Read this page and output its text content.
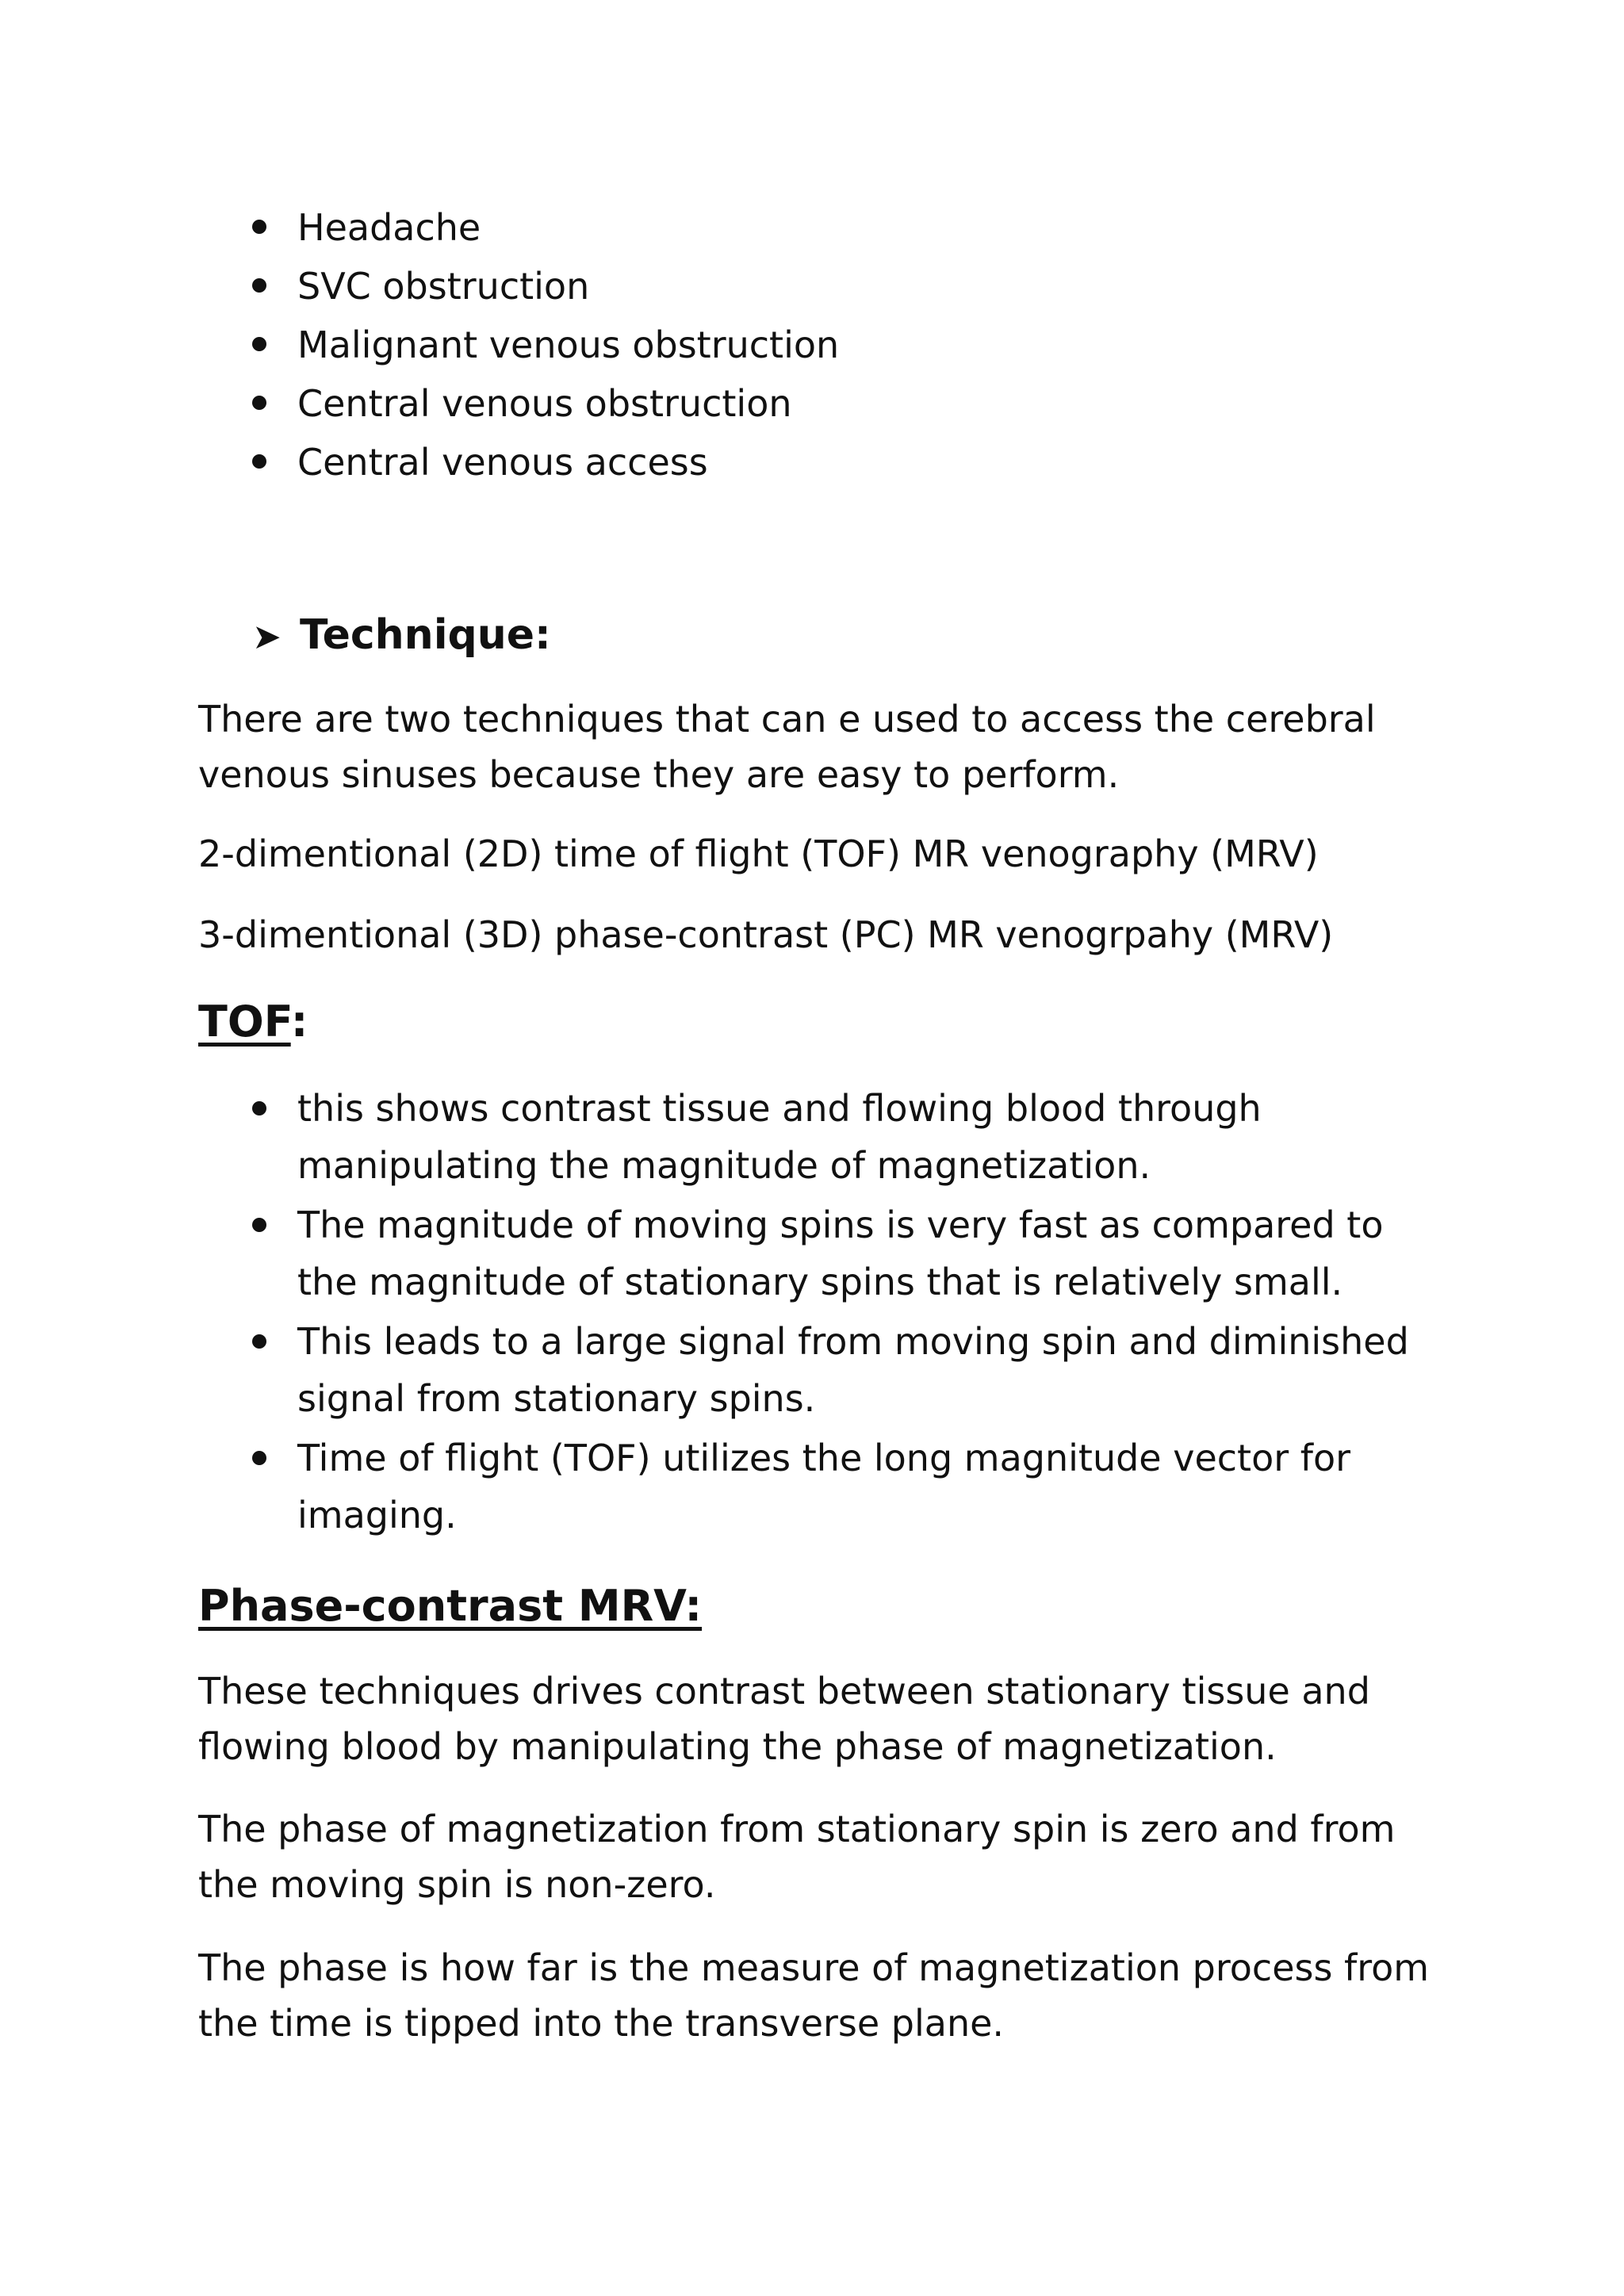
Headache
SVC obstruction
Malignant venous obstruction
Central venous obstruction
Central venous access
➤ Technique:

There are two techniques that can e used to access the cerebral venous sinuses because they are easy to perform.

2-dimentional (2D) time of flight (TOF) MR venography (MRV)

3-dimentional (3D) phase-contrast (PC) MR venogrpahy (MRV)

TOF:
this shows contrast tissue and flowing blood through manipulating the magnitude of magnetization.
The magnitude of moving spins is very fast as compared to the magnitude of stationary spins that is relatively small.
This leads to a large signal from moving spin and diminished signal from stationary spins.
Time of flight (TOF) utilizes the long magnitude vector for imaging.
Phase-contrast MRV:

These techniques drives contrast between stationary tissue and flowing blood by manipulating the phase of magnetization.

The phase of magnetization from stationary spin is zero and from the moving spin is non-zero.

The phase is how far is the measure of magnetization process from the time is tipped into the transverse plane.
